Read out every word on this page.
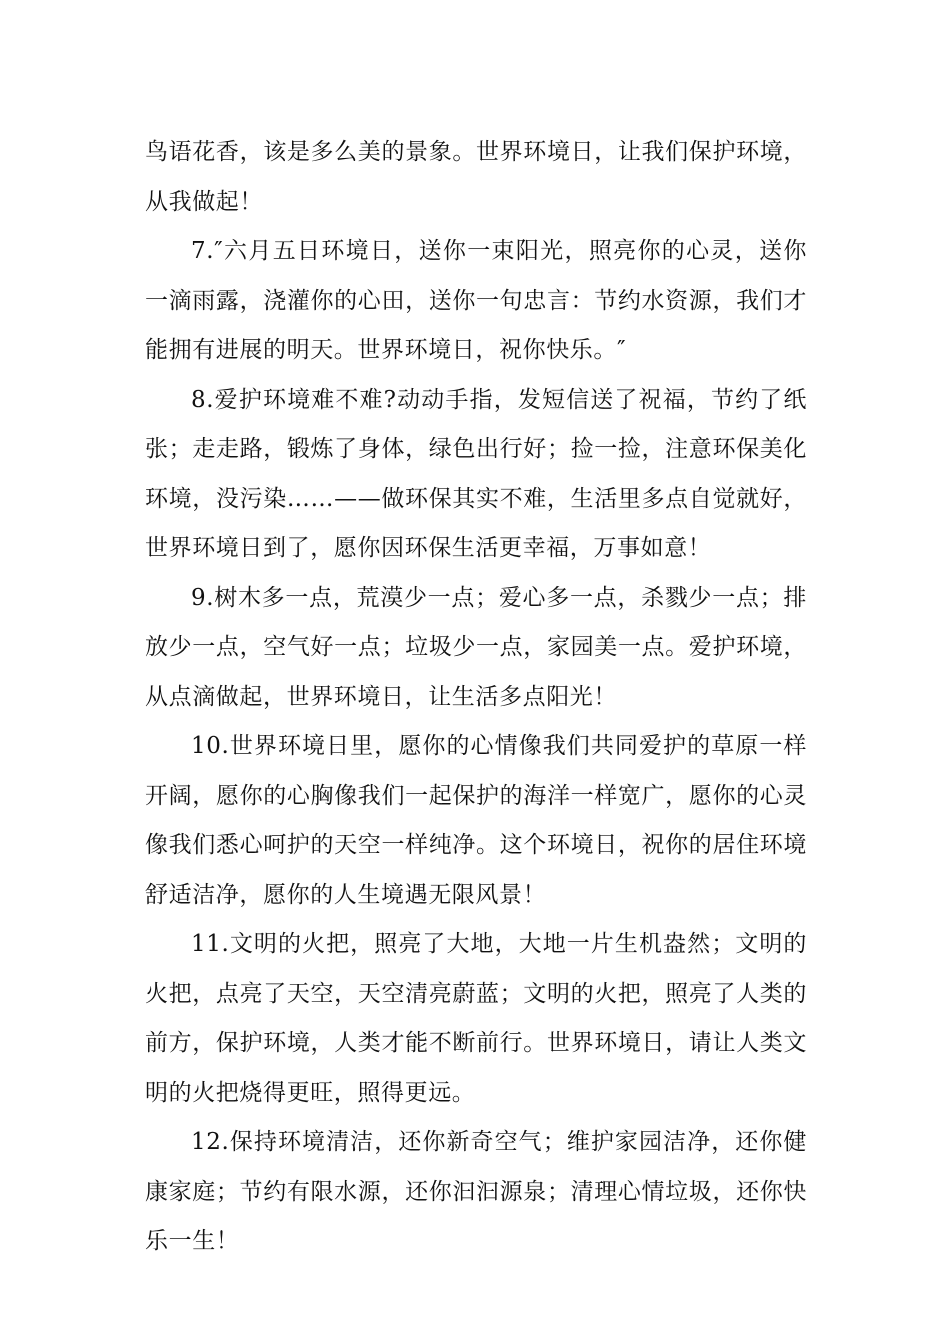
鸟语花香，该是多么美的景象。世界环境日，让我们保护环境，从我做起！

7.″六月五日环境日，送你一束阳光，照亮你的心灵，送你一滴雨露，浇灌你的心田，送你一句忠言：节约水资源，我们才能拥有进展的明天。世界环境日，祝你快乐。″

8.爱护环境难不难?动动手指，发短信送了祝福，节约了纸张；走走路，锻炼了身体，绿色出行好；捡一捡，注意环保美化环境，没污染……——做环保其实不难，生活里多点自觉就好，世界环境日到了，愿你因环保生活更幸福，万事如意！

9.树木多一点，荒漠少一点；爱心多一点，杀戮少一点；排放少一点，空气好一点；垃圾少一点，家园美一点。爱护环境，从点滴做起，世界环境日，让生活多点阳光！

10.世界环境日里，愿你的心情像我们共同爱护的草原一样开阔，愿你的心胸像我们一起保护的海洋一样宽广，愿你的心灵像我们悉心呵护的天空一样纯净。这个环境日，祝你的居住环境舒适洁净，愿你的人生境遇无限风景！

11.文明的火把，照亮了大地，大地一片生机盎然；文明的火把，点亮了天空，天空清亮蔚蓝；文明的火把，照亮了人类的前方，保护环境，人类才能不断前行。世界环境日，请让人类文明的火把烧得更旺，照得更远。

12.保持环境清洁，还你新奇空气；维护家园洁净，还你健康家庭；节约有限水源，还你汩汩源泉；清理心情垃圾，还你快乐一生！
